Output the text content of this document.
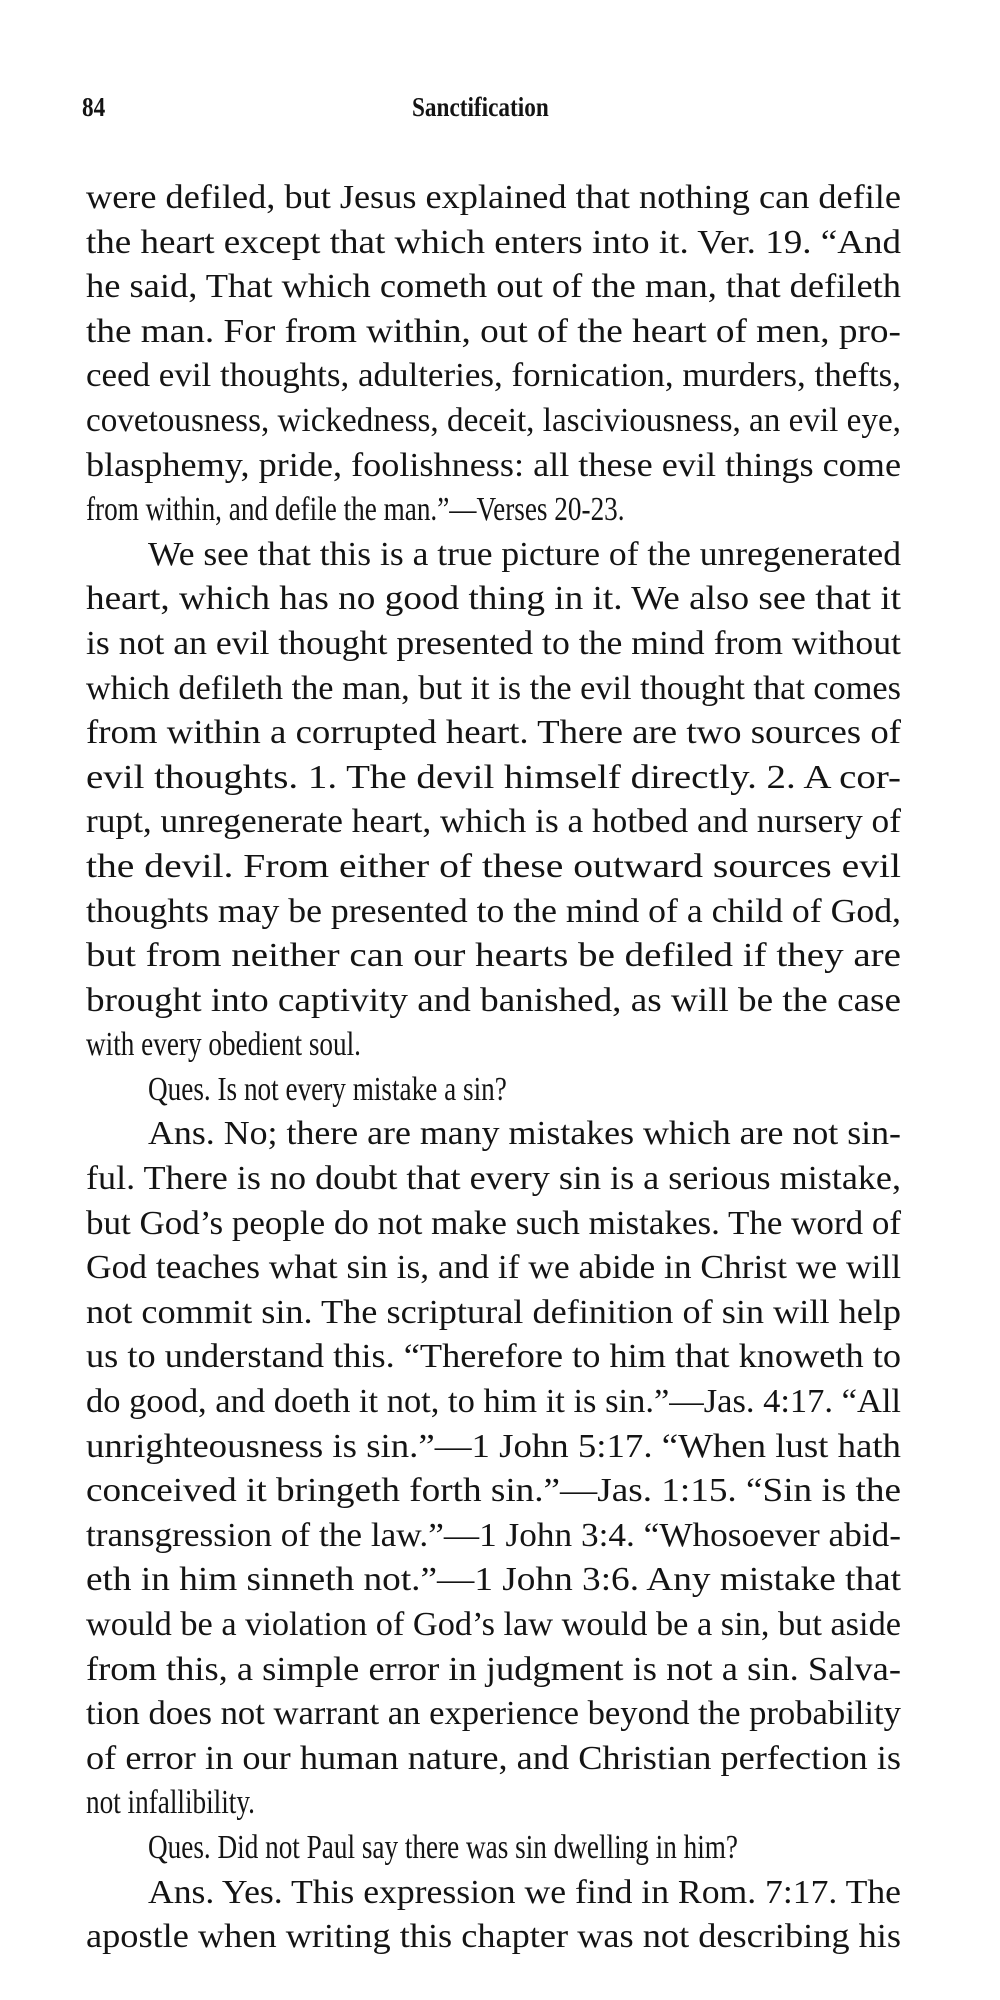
84	Sanctification
were defiled, but Jesus explained that nothing can defile
the heart except that which enters into it. Ver. 19. “And
he said, That which cometh out of the man, that defileth
the man. For from within, out of the heart of men, pro-
ceed evil thoughts, adulteries, fornication, murders, thefts,
covetousness, wickedness, deceit, lasciviousness, an evil eye,
blasphemy, pride, foolishness: all these evil things come
from within, and defile the man.”—Verses 20-23.
We see that this is a true picture of the unregenerated
heart, which has no good thing in it. We also see that it
is not an evil thought presented to the mind from without
which defileth the man, but it is the evil thought that comes
from within a corrupted heart. There are two sources of
evil thoughts. 1. The devil himself directly. 2. A cor-
rupt, unregenerate heart, which is a hotbed and nursery of
the devil. From either of these outward sources evil
thoughts may be presented to the mind of a child of God,
but from neither can our hearts be defiled if they are
brought into captivity and banished, as will be the case
with every obedient soul.
Ques. Is not every mistake a sin?
Ans. No; there are many mistakes which are not sin-
ful. There is no doubt that every sin is a serious mistake,
but God’s people do not make such mistakes. The word of
God teaches what sin is, and if we abide in Christ we will
not commit sin. The scriptural definition of sin will help
us to understand this. “Therefore to him that knoweth to
do good, and doeth it not, to him it is sin.”—Jas. 4:17. “All
unrighteousness is sin.”—1 John 5:17. “When lust hath
conceived it bringeth forth sin.”—Jas. 1:15. “Sin is the
transgression of the law.”—1 John 3:4. “Whosoever abid-
eth in him sinneth not.”—1 John 3:6. Any mistake that
would be a violation of God’s law would be a sin, but aside
from this, a simple error in judgment is not a sin. Salva-
tion does not warrant an experience beyond the probability
of error in our human nature, and Christian perfection is
not infallibility.
Ques. Did not Paul say there was sin dwelling in him?
Ans. Yes. This expression we find in Rom. 7:17. The
apostle when writing this chapter was not describing his
